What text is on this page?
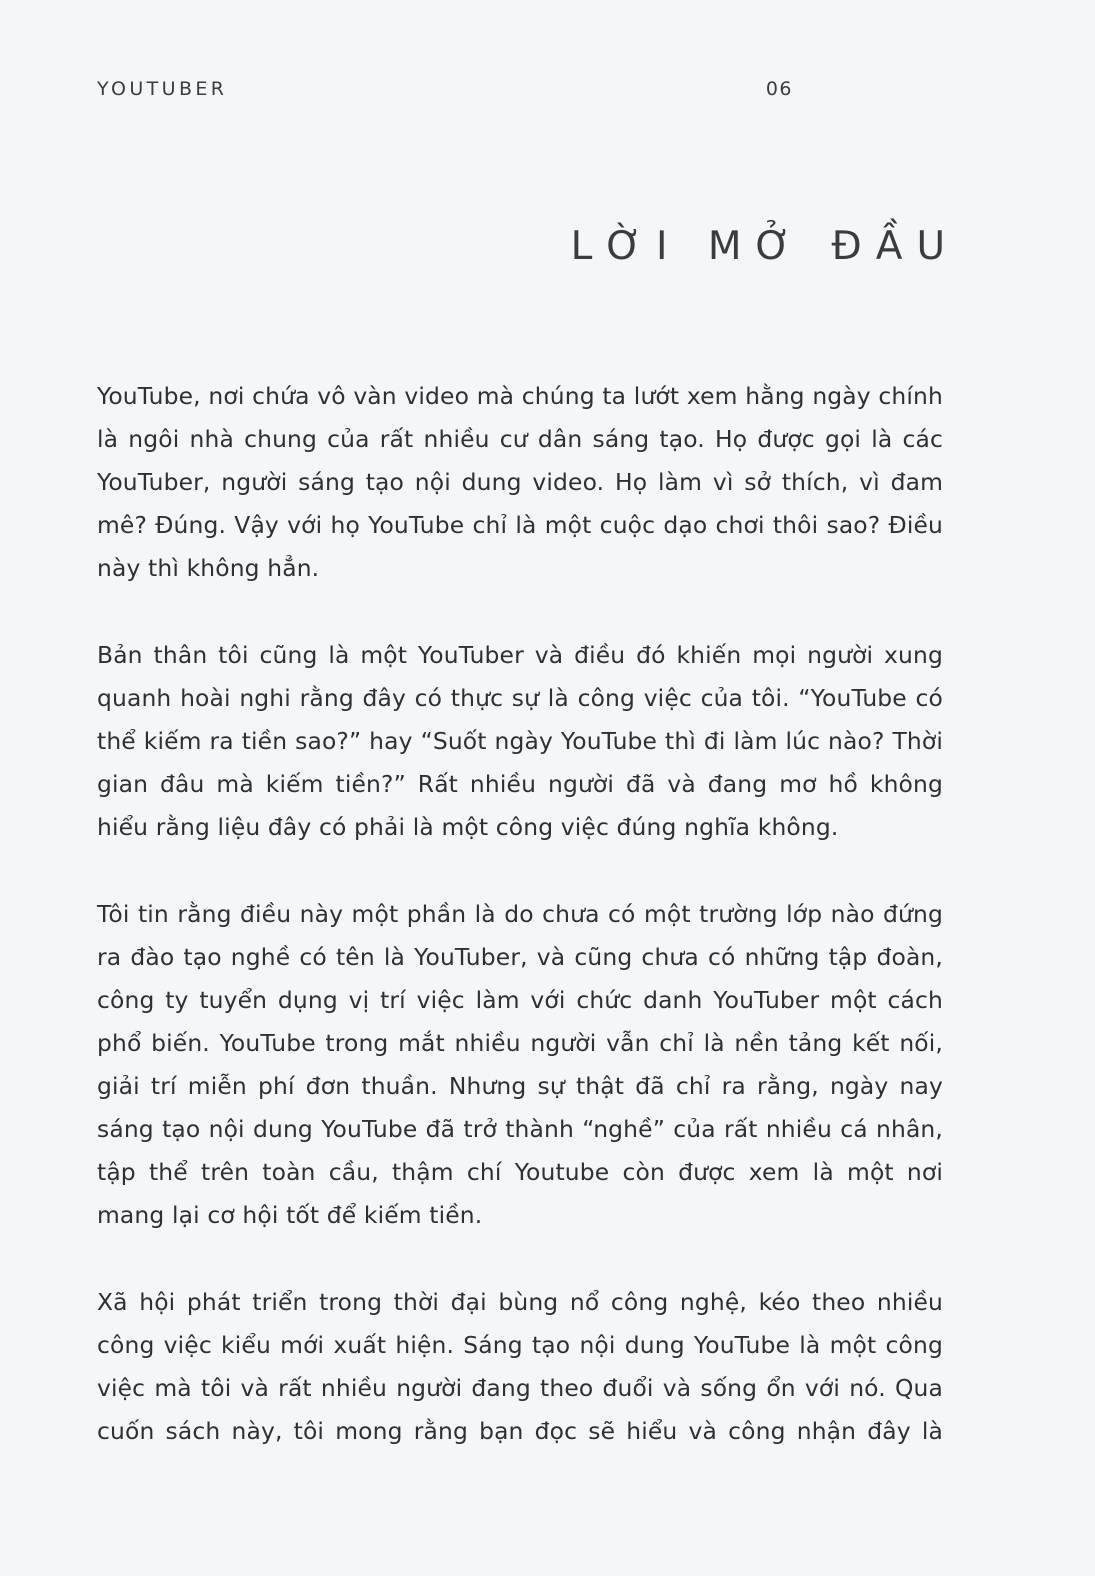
YOUTUBER	06
LỜI MỞ ĐẦU

YouTube, nơi chứa vô vàn video mà chúng ta lướt xem hằng ngày chính là ngôi nhà chung của rất nhiều cư dân sáng tạo. Họ được gọi là các YouTuber, người sáng tạo nội dung video. Họ làm vì sở thích, vì đam mê? Đúng. Vậy với họ YouTube chỉ là một cuộc dạo chơi thôi sao? Điều này thì không hẳn.

Bản thân tôi cũng là một YouTuber và điều đó khiến mọi người xung quanh hoài nghi rằng đây có thực sự là công việc của tôi. “YouTube có thể kiếm ra tiền sao?” hay “Suốt ngày YouTube thì đi làm lúc nào? Thời gian đâu mà kiếm tiền?” Rất nhiều người đã và đang mơ hồ không hiểu rằng liệu đây có phải là một công việc đúng nghĩa không.

Tôi tin rằng điều này một phần là do chưa có một trường lớp nào đứng ra đào tạo nghề có tên là YouTuber, và cũng chưa có những tập đoàn, công ty tuyển dụng vị trí việc làm với chức danh YouTuber một cách phổ biến. YouTube trong mắt nhiều người vẫn chỉ là nền tảng kết nối, giải trí miễn phí đơn thuần. Nhưng sự thật đã chỉ ra rằng, ngày nay sáng tạo nội dung YouTube đã trở thành “nghề” của rất nhiều cá nhân, tập thể trên toàn cầu, thậm chí Youtube còn được xem là một nơi mang lại cơ hội tốt để kiếm tiền.

Xã hội phát triển trong thời đại bùng nổ công nghệ, kéo theo nhiều công việc kiểu mới xuất hiện. Sáng tạo nội dung YouTube là một công việc mà tôi và rất nhiều người đang theo đuổi và sống ổn với nó. Qua cuốn sách này, tôi mong rằng bạn đọc sẽ hiểu và công nhận đây là
